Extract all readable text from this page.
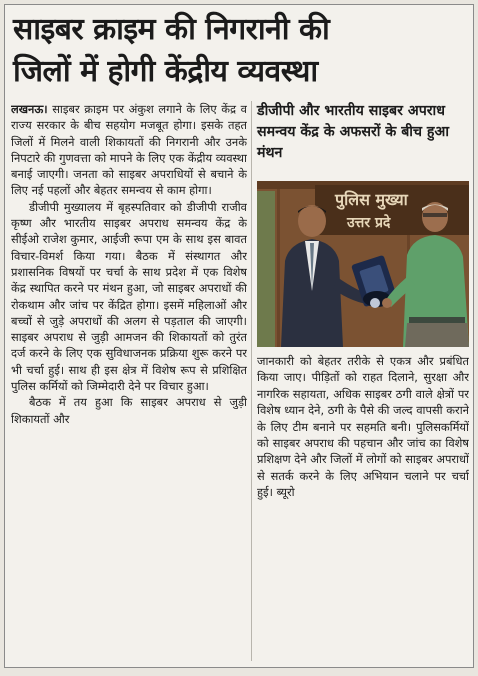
साइबर क्राइम की निगरानी की
जिलों में होगी केंद्रीय व्यवस्था

लखनऊ। साइबर क्राइम पर अंकुश लगाने के लिए केंद्र व राज्य सरकार के बीच सहयोग मजबूत होगा। इसके तहत जिलों में मिलने वाली शिकायतों की निगरानी और उनके निपटारे की गुणवत्ता को मापने के लिए एक केंद्रीय व्यवस्था बनाई जाएगी। जनता को साइबर अपराधियों से बचाने के लिए नई पहलों और बेहतर समन्वय से काम होगा।

डीजीपी मुख्यालय में बृहस्पतिवार को डीजीपी राजीव कृष्ण और भारतीय साइबर अपराध समन्वय केंद्र के सीईओ राजेश कुमार, आईजी रूपा एम के साथ इस बावत विचार-विमर्श किया गया। बैठक में संस्थागत और प्रशासनिक विषयों पर चर्चा के साथ प्रदेश में एक विशेष केंद्र स्थापित करने पर मंथन हुआ, जो साइबर अपराधों की रोकथाम और जांच पर केंद्रित होगा। इसमें महिलाओं और बच्चों से जुड़े अपराधों की अलग से पड़ताल की जाएगी। साइबर अपराध से जुड़ी आमजन की शिकायतों को तुरंत दर्ज करने के लिए एक सुविधाजनक प्रक्रिया शुरू करने पर भी चर्चा हुई। साथ ही इस क्षेत्र में विशेष रूप से प्रशिक्षित पुलिस कर्मियों को जिम्मेदारी देने पर विचार हुआ।

बैठक में तय हुआ कि साइबर अपराध से जुड़ी शिकायतों और

डीजीपी और भारतीय साइबर अपराध समन्वय केंद्र के अफसरों के बीच हुआ मंथन
पुलिस मुख्या
उत्तर प्रदे

जानकारी को बेहतर तरीके से एकत्र और प्रबंधित किया जाए। पीड़ितों को राहत दिलाने, सुरक्षा और नागरिक सहायता, अधिक साइबर ठगी वाले क्षेत्रों पर विशेष ध्यान देने, ठगी के पैसे की जल्द वापसी कराने के लिए टीम बनाने पर सहमति बनी। पुलिसकर्मियों को साइबर अपराध की पहचान और जांच का विशेष प्रशिक्षण देने और जिलों में लोगों को साइबर अपराधों से सतर्क करने के लिए अभियान चलाने पर चर्चा हुई। ब्यूरो
